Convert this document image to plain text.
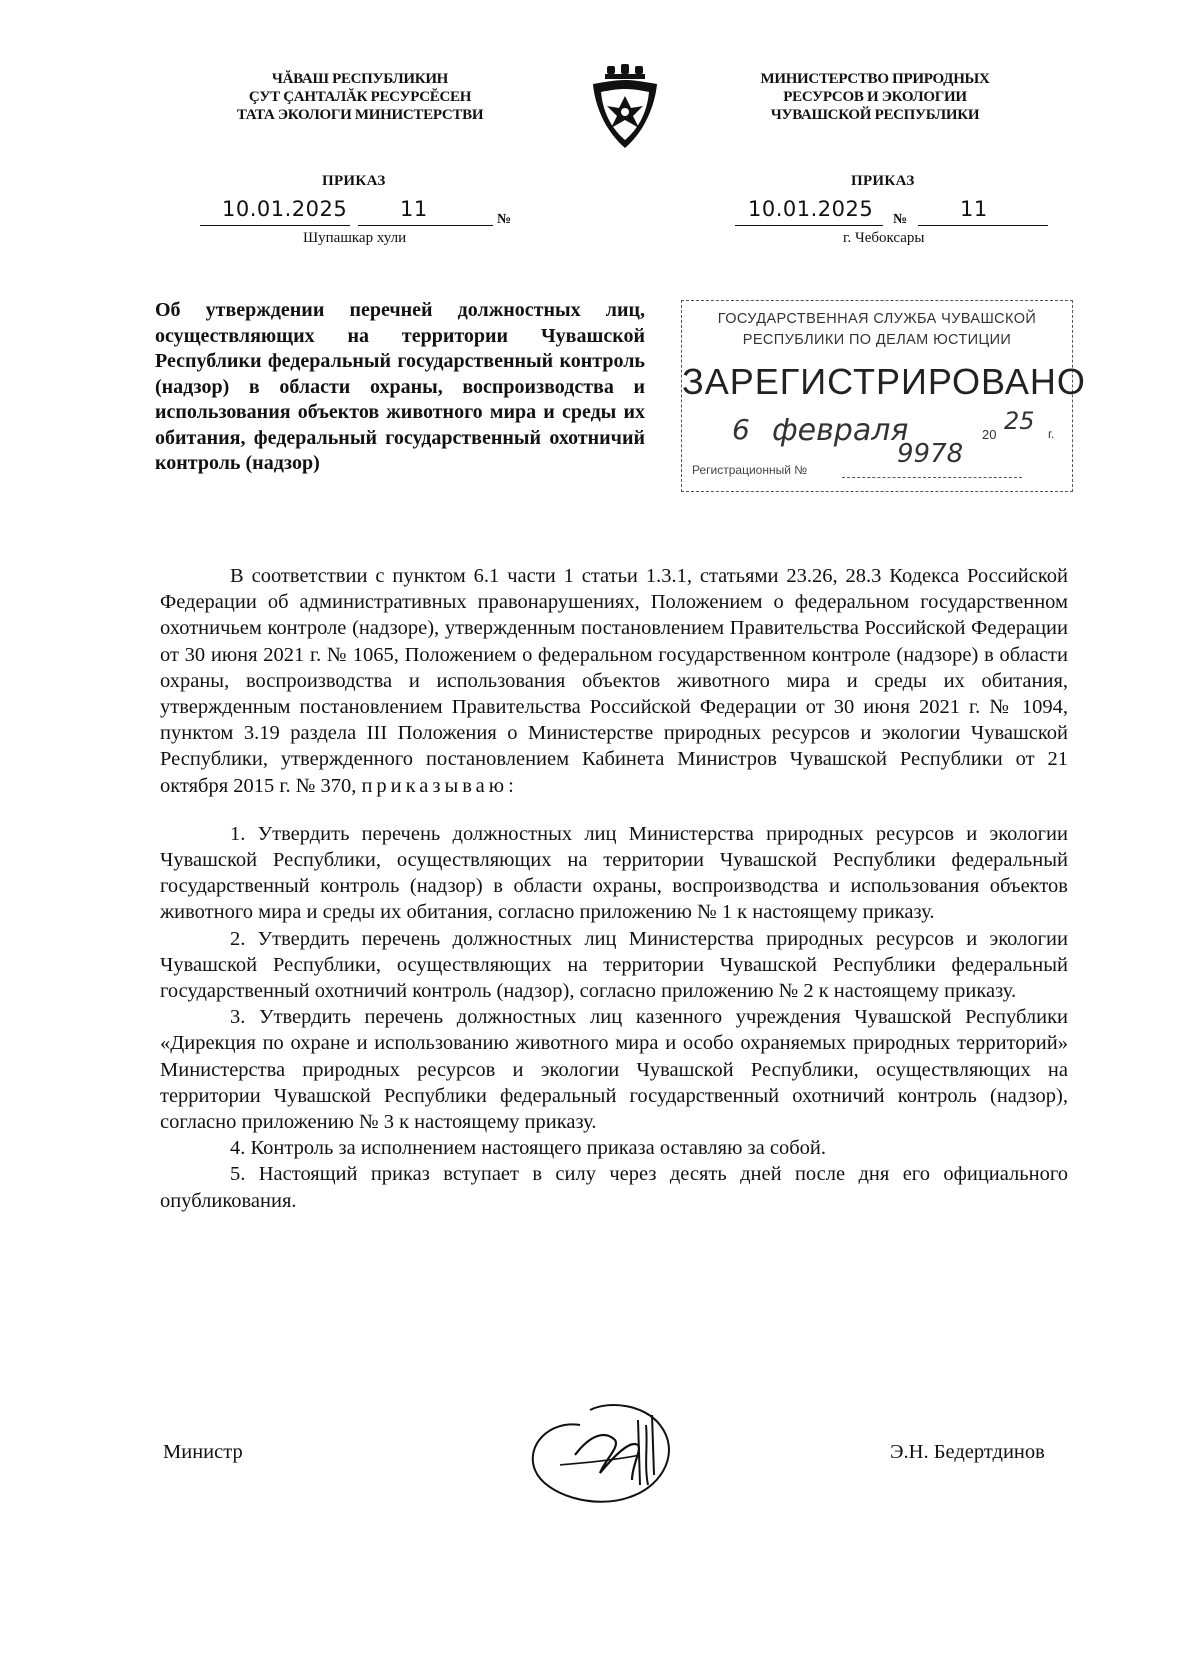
ЧĂВАШ РЕСПУБЛИКИН
ÇУТ ÇАНТАЛĂК РЕСУРСĔСЕН
ТАТА ЭКОЛОГИ МИНИСТЕРСТВИ
МИНИСТЕРСТВО ПРИРОДНЫХ
РЕСУРСОВ И ЭКОЛОГИИ
ЧУВАШСКОЙ РЕСПУБЛИКИ
ПРИКАЗ
10.01.2025	11	№
Шупашкар хули
ПРИКАЗ
10.01.2025 №	11
г. Чебоксары
Об утверждении перечней должностных лиц, осуществляющих на территории Чувашской Республики федеральный государственный контроль (надзор) в области охраны, воспроизводства и использования объектов животного мира и среды их обитания, федеральный государственный охотничий контроль (надзор)
ГОСУДАРСТВЕННАЯ СЛУЖБА ЧУВАШСКОЙ
РЕСПУБЛИКИ ПО ДЕЛАМ ЮСТИЦИИ
ЗАРЕГИСТРИРОВАНО
6 февраля	20 25 г.
9978
Регистрационный №

В соответствии с пунктом 6.1 части 1 статьи 1.3.1, статьями 23.26, 28.3 Кодекса Российской Федерации об административных правонарушениях, Положением о федеральном государственном охотничьем контроле (надзоре), утвержденным постановлением Правительства Российской Федерации от 30 июня 2021 г. № 1065, Положением о федеральном государственном контроле (надзоре) в области охраны, воспроизводства и использования объектов животного мира и среды их обитания, утвержденным постановлением Правительства Российской Федерации от 30 июня 2021 г. № 1094, пунктом 3.19 раздела III Положения о Министерстве природных ресурсов и экологии Чувашской Республики, утвержденного постановлением Кабинета Министров Чувашской Республики от 21 октября 2015 г. № 370, приказываю:

1. Утвердить перечень должностных лиц Министерства природных ресурсов и экологии Чувашской Республики, осуществляющих на территории Чувашской Республики федеральный государственный контроль (надзор) в области охраны, воспроизводства и использования объектов животного мира и среды их обитания, согласно приложению № 1 к настоящему приказу.

2. Утвердить перечень должностных лиц Министерства природных ресурсов и экологии Чувашской Республики, осуществляющих на территории Чувашской Республики федеральный государственный охотничий контроль (надзор), согласно приложению № 2 к настоящему приказу.

3. Утвердить перечень должностных лиц казенного учреждения Чувашской Республики «Дирекция по охране и использованию животного мира и особо охраняемых природных территорий» Министерства природных ресурсов и экологии Чувашской Республики, осуществляющих на территории Чувашской Республики федеральный государственный охотничий контроль (надзор), согласно приложению № 3 к настоящему приказу.

4. Контроль за исполнением настоящего приказа оставляю за собой.

5. Настоящий приказ вступает в силу через десять дней после дня его официального опубликования.

Министр	Э.Н. Бедертдинов
